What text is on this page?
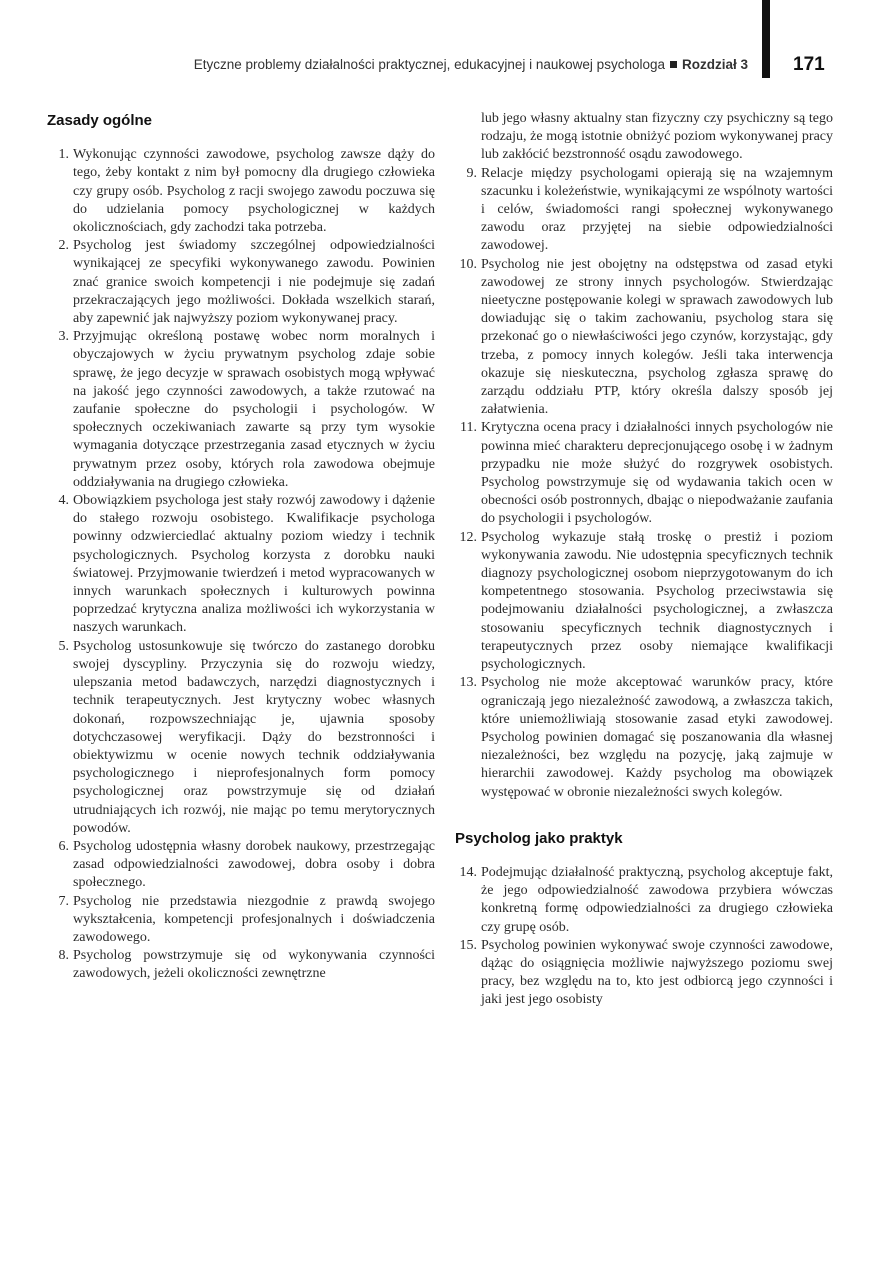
Etyczne problemy działalności praktycznej, edukacyjnej i naukowej psychologa Rozdział 3 171
Zasady ogólne
1. Wykonując czynności zawodowe, psycholog zawsze dąży do tego, żeby kontakt z nim był pomocny dla drugiego człowieka czy grupy osób. Psycholog z racji swojego zawodu poczuwa się do udzielania pomocy psychologicznej w każdych okolicznościach, gdy zachodzi taka potrzeba.
2. Psycholog jest świadomy szczególnej odpowiedzialności wynikającej ze specyfiki wykonywanego zawodu. Powinien znać granice swoich kompetencji i nie podejmuje się zadań przekraczających jego możliwości. Dokłada wszelkich starań, aby zapewnić jak najwyższy poziom wykonywanej pracy.
3. Przyjmując określoną postawę wobec norm moralnych i obyczajowych w życiu prywatnym psycholog zdaje sobie sprawę, że jego decyzje w sprawach osobistych mogą wpływać na jakość jego czynności zawodowych, a także rzutować na zaufanie społeczne do psychologii i psychologów. W społecznych oczekiwaniach zawarte są przy tym wysokie wymagania dotyczące przestrzegania zasad etycznych w życiu prywatnym przez osoby, których rola zawodowa obejmuje oddziaływania na drugiego człowieka.
4. Obowiązkiem psychologa jest stały rozwój zawodowy i dążenie do stałego rozwoju osobistego. Kwalifikacje psychologa powinny odzwierciedlać aktualny poziom wiedzy i technik psychologicznych. Psycholog korzysta z dorobku nauki światowej. Przyjmowanie twierdzeń i metod wypracowanych w innych warunkach społecznych i kulturowych powinna poprzedzać krytyczna analiza możliwości ich wykorzystania w naszych warunkach.
5. Psycholog ustosunkowuje się twórczo do zastanego dorobku swojej dyscypliny. Przyczynia się do rozwoju wiedzy, ulepszania metod badawczych, narzędzi diagnostycznych i technik terapeutycznych. Jest krytyczny wobec własnych dokonań, rozpowszechniając je, ujawnia sposoby dotychczasowej weryfikacji. Dąży do bezstronności i obiektywizmu w ocenie nowych technik oddziaływania psychologicznego i nieprofesjonalnych form pomocy psychologicznej oraz powstrzymuje się od działań utrudniających ich rozwój, nie mając po temu merytorycznych powodów.
6. Psycholog udostępnia własny dorobek naukowy, przestrzegając zasad odpowiedzialności zawodowej, dobra osoby i dobra społecznego.
7. Psycholog nie przedstawia niezgodnie z prawdą swojego wykształcenia, kompetencji profesjonalnych i doświadczenia zawodowego.
8. Psycholog powstrzymuje się od wykonywania czynności zawodowych, jeżeli okoliczności zewnętrzne

lub jego własny aktualny stan fizyczny czy psychiczny są tego rodzaju, że mogą istotnie obniżyć poziom wykonywanej pracy lub zakłócić bezstronność osądu zawodowego.

9. Relacje między psychologami opierają się na wzajemnym szacunku i koleżeństwie, wynikającymi ze wspólnoty wartości i celów, świadomości rangi społecznej wykonywanego zawodu oraz przyjętej na siebie odpowiedzialności zawodowej.
10. Psycholog nie jest obojętny na odstępstwa od zasad etyki zawodowej ze strony innych psychologów. Stwierdzając nieetyczne postępowanie kolegi w sprawach zawodowych lub dowiadując się o takim zachowaniu, psycholog stara się przekonać go o niewłaściwości jego czynów, korzystając, gdy trzeba, z pomocy innych kolegów. Jeśli taka interwencja okazuje się nieskuteczna, psycholog zgłasza sprawę do zarządu oddziału PTP, który określa dalszy sposób jej załatwienia.
11. Krytyczna ocena pracy i działalności innych psychologów nie powinna mieć charakteru deprecjonującego osobę i w żadnym przypadku nie może służyć do rozgrywek osobistych. Psycholog powstrzymuje się od wydawania takich ocen w obecności osób postronnych, dbając o niepodważanie zaufania do psychologii i psychologów.
12. Psycholog wykazuje stałą troskę o prestiż i poziom wykonywania zawodu. Nie udostępnia specyficznych technik diagnozy psychologicznej osobom nieprzygotowanym do ich kompetentnego stosowania. Psycholog przeciwstawia się podejmowaniu działalności psychologicznej, a zwłaszcza stosowaniu specyficznych technik diagnostycznych i terapeutycznych przez osoby niemające kwalifikacji psychologicznych.
13. Psycholog nie może akceptować warunków pracy, które ograniczają jego niezależność zawodową, a zwłaszcza takich, które uniemożliwiają stosowanie zasad etyki zawodowej. Psycholog powinien domagać się poszanowania dla własnej niezależności, bez względu na pozycję, jaką zajmuje w hierarchii zawodowej. Każdy psycholog ma obowiązek występować w obronie niezależności swych kolegów.
Psycholog jako praktyk
14. Podejmując działalność praktyczną, psycholog akceptuje fakt, że jego odpowiedzialność zawodowa przybiera wówczas konkretną formę odpowiedzialności za drugiego człowieka czy grupę osób.
15. Psycholog powinien wykonywać swoje czynności zawodowe, dążąc do osiągnięcia możliwie najwyższego poziomu swej pracy, bez względu na to, kto jest odbiorcą jego czynności i jaki jest jego osobisty
